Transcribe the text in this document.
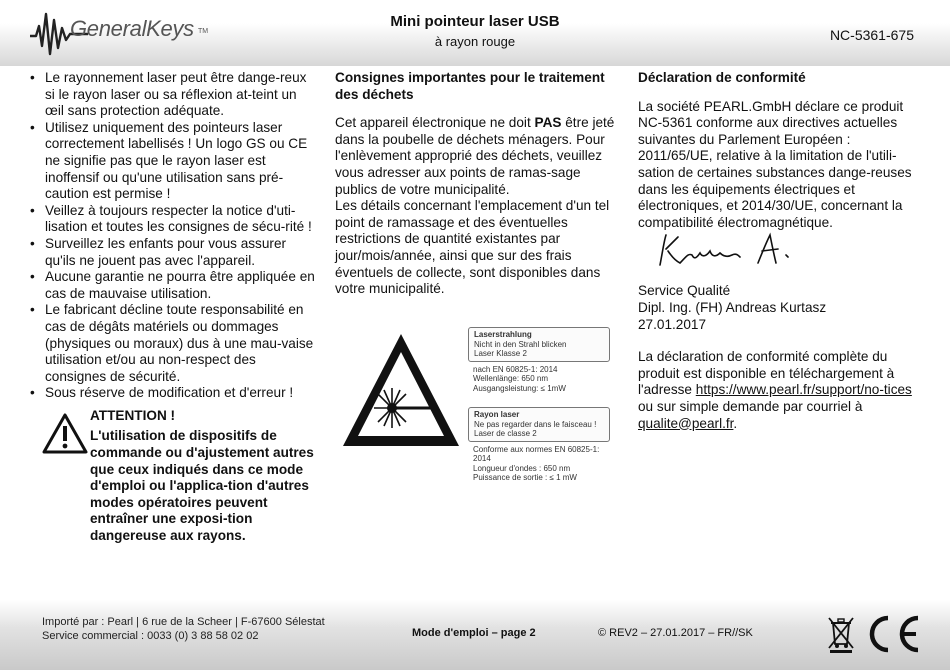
GeneralKeys TM
Mini pointeur laser USB
à rayon rouge	NC-5361-675
• Le rayonnement laser peut être dange-reux si le rayon laser ou sa réflexion at-teint un œil sans protection adéquate.
• Utilisez uniquement des pointeurs laser correctement labellisés ! Un logo GS ou CE ne signifie pas que le rayon laser est inoffensif ou qu'une utilisation sans pré-caution est permise !
• Veillez à toujours respecter la notice d'uti-lisation et toutes les consignes de sécu-rité !
• Surveillez les enfants pour vous assurer qu'ils ne jouent pas avec l'appareil.
• Aucune garantie ne pourra être appliquée en cas de mauvaise utilisation.
• Le fabricant décline toute responsabilité en cas de dégâts matériels ou dommages (physiques ou moraux) dus à une mau-vaise utilisation et/ou au non-respect des consignes de sécurité.
• Sous réserve de modification et d'erreur !
ATTENTION !
L'utilisation de dispositifs de commande ou d'ajustement autres que ceux indiqués dans ce mode d'emploi ou l'applica-tion d'autres modes opératoires peuvent entraîner une exposi-tion dangereuse aux rayons.
Consignes importantes pour le traitement des déchets

Cet appareil électronique ne doit PAS être jeté dans la poubelle de déchets ménagers. Pour l'enlèvement approprié des déchets, veuillez vous adresser aux points de ramas-sage publics de votre municipalité.

Les détails concernant l'emplacement d'un tel point de ramassage et des éventuelles restrictions de quantité existantes par jour/mois/année, ainsi que sur des frais éventuels de collecte, sont disponibles dans votre municipalité.

Laserstrahlung
Nicht in den Strahl blicken
Laser Klasse 2
nach EN 60825-1: 2014
Wellenlänge: 650 nm
Ausgangsleistung: ≤ 1mW
Rayon laser
Ne pas regarder dans le faisceau !
Laser de classe 2
Conforme aux normes EN 60825-1: 2014
Longueur d'ondes : 650 nm
Puissance de sortie : ≤ 1 mW
Déclaration de conformité

La société PEARL.GmbH déclare ce produit NC-5361 conforme aux directives actuelles suivantes du Parlement Européen : 2011/65/UE, relative à la limitation de l'utili-sation de certaines substances dange-reuses dans les équipements électriques et électroniques, et 2014/30/UE, concernant la compatibilité électromagnétique.

Service Qualité

Dipl. Ing. (FH) Andreas Kurtasz

27.01.2017

La déclaration de conformité complète du produit est disponible en téléchargement à l'adresse https://www.pearl.fr/support/no-tices ou sur simple demande par courriel à qualite@pearl.fr.

Importé par : Pearl | 6 rue de la Scheer | F-67600 Sélestat
Service commercial : 0033 (0) 3 88 58 02 02	Mode d'emploi – page 2	© REV2 – 27.01.2017 – FR//SK
